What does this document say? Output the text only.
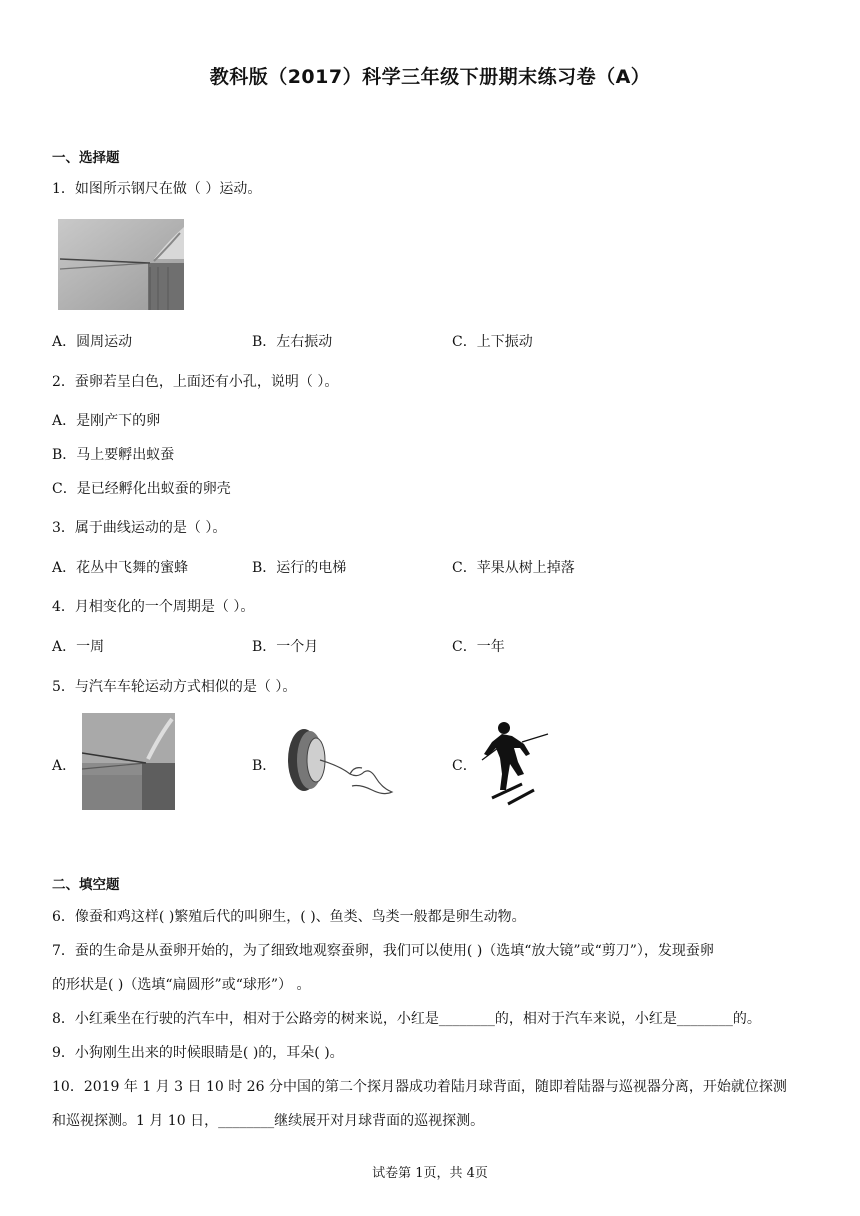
教科版（2017）科学三年级下册期末练习卷（A）
一、选择题
1．如图所示钢尺在做（ ）运动。
A．圆周运动	B．左右振动	C．上下振动
2．蚕卵若呈白色，上面还有小孔，说明（ ）。
A．是刚产下的卵
B．马上要孵出蚁蚕
C．是已经孵化出蚁蚕的卵壳
3．属于曲线运动的是（ ）。
A．花丛中飞舞的蜜蜂	B．运行的电梯	C．苹果从树上掉落
4．月相变化的一个周期是（ ）。
A．一周	B．一个月	C．一年
5．与汽车车轮运动方式相似的是（ ）。
A．	B．	C．
二、填空题
6．像蚕和鸡这样( )繁殖后代的叫卵生，( )、鱼类、鸟类一般都是卵生动物。
7．蚕的生命是从蚕卵开始的，为了细致地观察蚕卵，我们可以使用( )（选填“放大镜”或“剪刀”），发现蚕卵
的形状是( )（选填“扁圆形”或“球形”） 。
8．小红乘坐在行驶的汽车中，相对于公路旁的树来说，小红是________的，相对于汽车来说，小红是________的。
9．小狗刚生出来的时候眼睛是( )的，耳朵( )。
10．2019 年 1 月 3 日 10 时 26 分中国的第二个探月器成功着陆月球背面，随即着陆器与巡视器分离，开始就位探测
和巡视探测。1 月 10 日，________继续展开对月球背面的巡视探测。
试卷第 1页，共 4页
